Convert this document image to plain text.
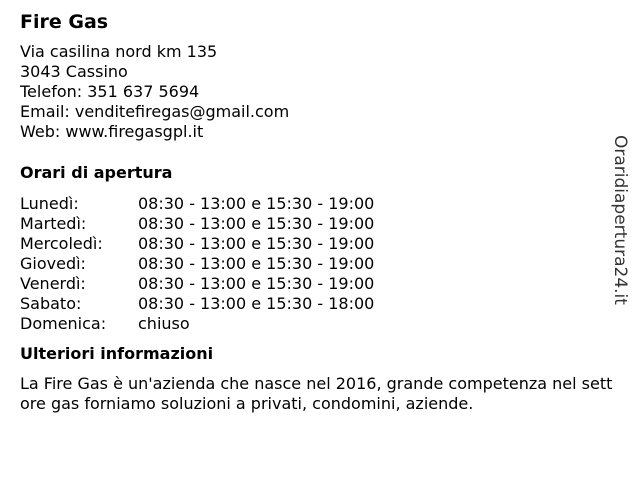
Fire Gas
Via casilina nord km 135
3043 Cassino
Telefon: 351 637 5694
Email: venditefiregas@gmail.com
Web: www.firegasgpl.it
Orari di apertura
Lunedì:	08:30 - 13:00 e 15:30 - 19:00
Martedì:	08:30 - 13:00 e 15:30 - 19:00
Mercoledì:	08:30 - 13:00 e 15:30 - 19:00
Giovedì:	08:30 - 13:00 e 15:30 - 19:00
Venerdì:	08:30 - 13:00 e 15:30 - 19:00
Sabato:	08:30 - 13:00 e 15:30 - 18:00
Domenica:	chiuso
Ulteriori informazioni
La Fire Gas è un'azienda che nasce nel 2016, grande competenza nel settore gas forniamo soluzioni a privati, condomini, aziende.
Oraridiapertura24.it
